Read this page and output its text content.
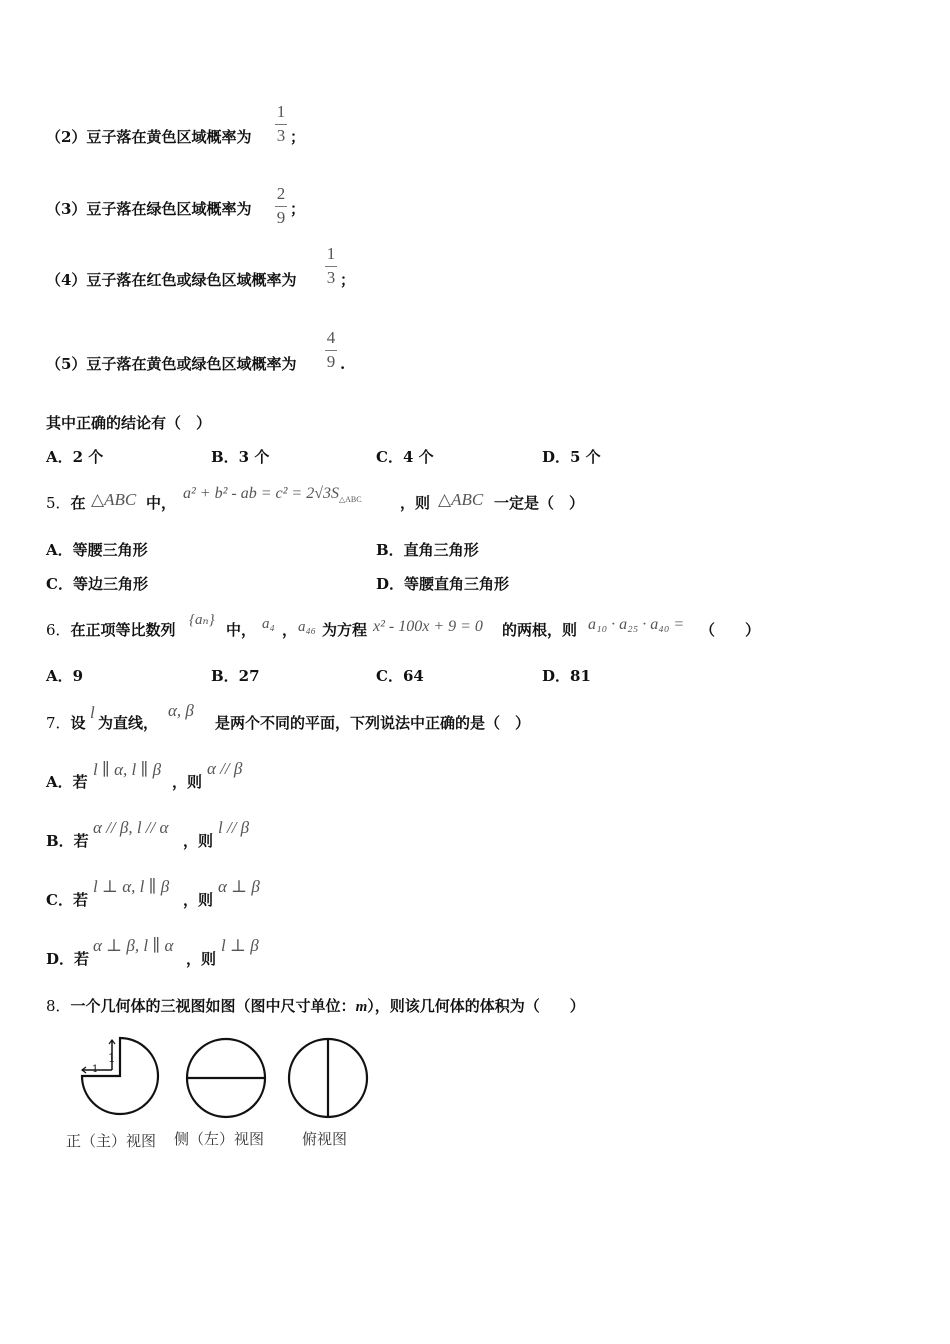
（2）豆子落在黄色区域概率为
1
3 ；
（3）豆子落在绿色区域概率为
2
9 ；
（4）豆子落在红色或绿色区域概率为
1
3 ；
（5）豆子落在黄色或绿色区域概率为
4
9 .
其中正确的结论有（　）
A．2 个	B．3 个	C．4 个	D．5 个
5．在 △ABC 中，
a² + b² - ab = $c^2 = 2√3S_{\triangle ABC}$	，则 △ABC 一定是（　）
A．等腰三角形	B．直角三角形
C．等边三角形	D．等腰直角三角形
6．在正项等比数列
{aₙ}
中， a₄ ， a₄₆ 为方程 x² - 100x + 9 = 0 的两根，则 a₁₀ · a₂₅ · a₄₀ = （　　）
A．9	B．27	C．64	D．81
7．设
l
为直线，
α, β
是两个不同的平面，下列说法中正确的是（　）
A．若
l ∥ α, l ∥ β
，则
α // β
B．若
α // β, l // α
，则
l // β
C．若
l ⊥ α, l ∥ β
，则
α ⊥ β
D．若
α ⊥ β, l ∥ α
，则
l ⊥ β
8．一个几何体的三视图如图（图中尺寸单位：m），则该几何体的体积为（　　）
1
1
正（主）视图 侧（左）视图	俯视图
